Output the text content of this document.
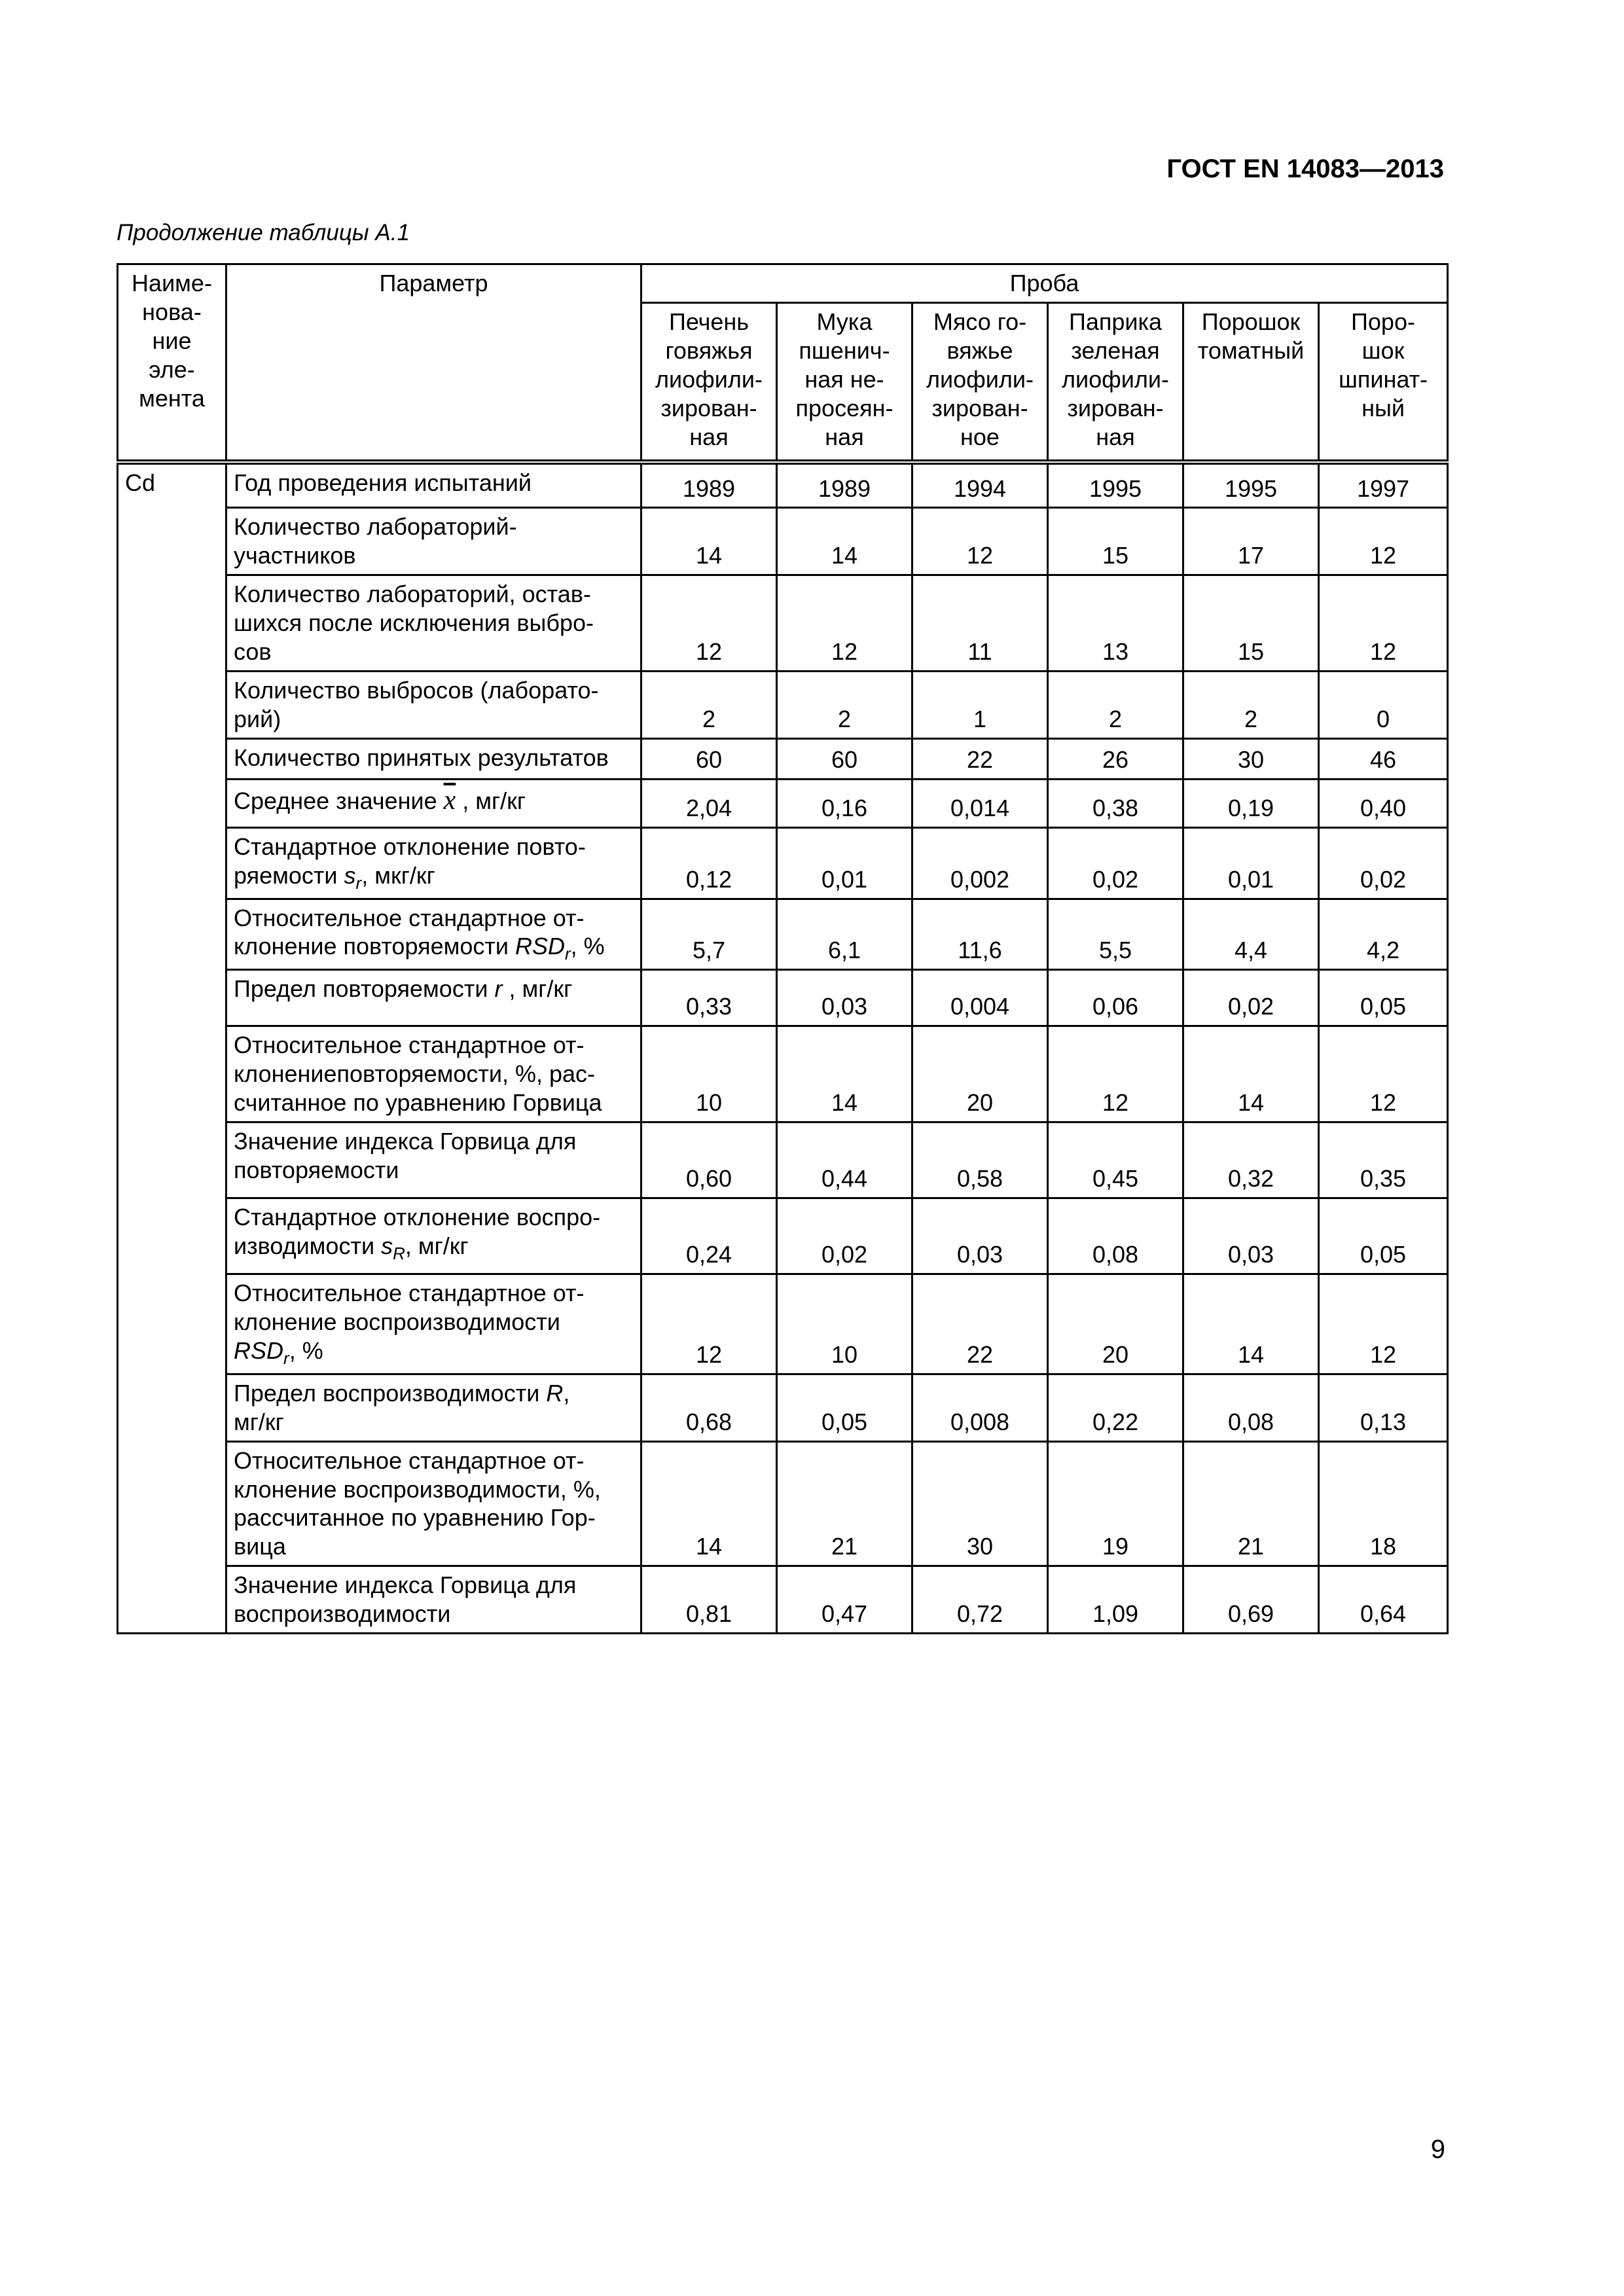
ГОСТ EN 14083—2013
Продолжение таблицы А.1
Наиме-
нова-
ние
эле-
мента	Параметр	Проба					
		Печень
говяжья
лиофили-
зирован-
ная	Мука
пшенич-
ная не-
просеян-
ная	Мясо го-
вяжье
лиофили-
зирован-
ное	Паприка
зеленая
лиофили-
зирован-
ная	Порошок
томатный	Поро-
шок
шпинат-
ный
Cd	Год проведения испытаний	1989	1989	1994	1995	1995	1997
	Количество лабораторий-
участников	14	14	12	15	17	12
	Количество лабораторий, остав-
шихся после исключения выбро-
сов	12	12	11	13	15	12
	Количество выбросов (лаборато-
рий)	2	2	1	2	2	0
	Количество принятых результатов	60	60	22	26	30	46
	Среднее значение $\overline{x}$ , мг/кг	2,04	0,16	0,014	0,38	0,19	0,40
	Стандартное отклонение повто-
ряемости $s_r$, мкг/кг	0,12	0,01	0,002	0,02	0,01	0,02
	Относительное стандартное от-
клонение повторяемости $RSD_r$, %	5,7	6,1	11,6	5,5	4,4	4,2
	Предел повторяемости r , мг/кг	0,33	0,03	0,004	0,06	0,02	0,05
	Относительное стандартное от-
клонениеповторяемости, %, рас-
считанное по уравнению Горвица	10	14	20	12	14	12
	Значение индекса Горвица для
повторяемости	0,60	0,44	0,58	0,45	0,32	0,35
	Стандартное отклонение воспро-
изводимости $s_R$, мг/кг	0,24	0,02	0,03	0,08	0,03	0,05
	Относительное стандартное от-
клонение воспроизводимости
$RSD_r$, %	12	10	22	20	14	12
	Предел воспроизводимости R,
мг/кг	0,68	0,05	0,008	0,22	0,08	0,13
	Относительное стандартное от-
клонение воспроизводимости, %,
рассчитанное по уравнению Гор-
вица	14	21	30	19	21	18
	Значение индекса Горвица для
воспроизводимости	0,81	0,47	0,72	1,09	0,69	0,64
9
